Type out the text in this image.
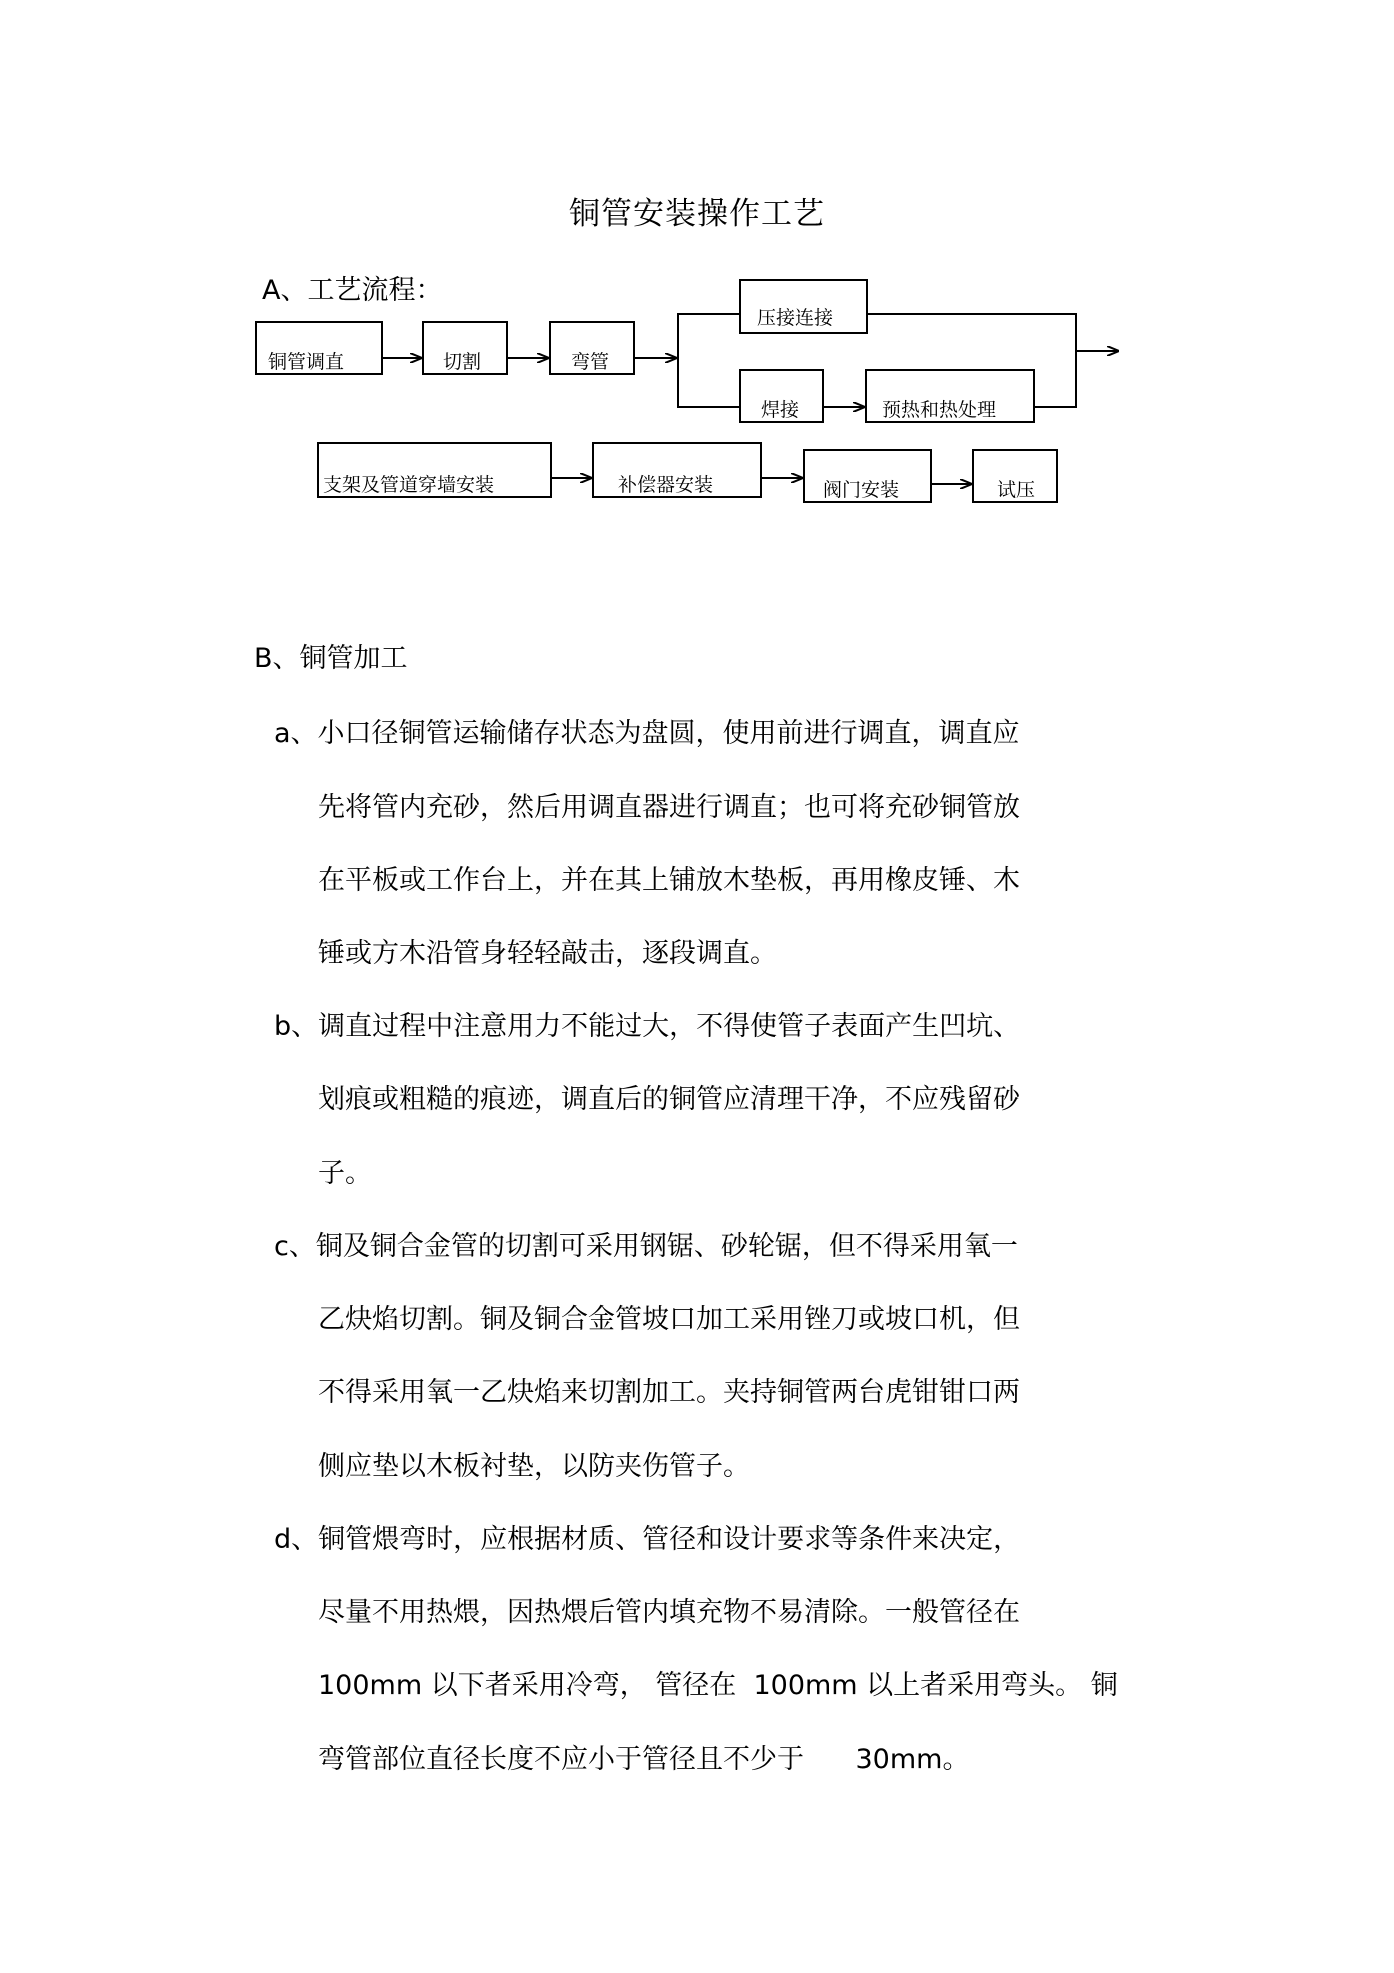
铜管安装操作工艺
A、工艺流程：
铜管调直	切割	弯管
压接连接
焊接	预热和热处理
支架及管道穿墙安装	补偿器安装	阀门安装	试压
B、铜管加工
a、小口径铜管运输储存状态为盘圆，使用前进行调直，调直应
先将管内充砂，然后用调直器进行调直；也可将充砂铜管放
在平板或工作台上，并在其上铺放木垫板，再用橡皮锤、木
锤或方木沿管身轻轻敲击，逐段调直。
b、调直过程中注意用力不能过大，不得使管子表面产生凹坑、
划痕或粗糙的痕迹，调直后的铜管应清理干净，不应残留砂
子。
c、铜及铜合金管的切割可采用钢锯、砂轮锯，但不得采用氧一
乙炔焰切割。铜及铜合金管坡口加工采用锉刀或坡口机，但
不得采用氧一乙炔焰来切割加工。夹持铜管两台虎钳钳口两
侧应垫以木板衬垫，以防夹伤管子。
d、铜管煨弯时，应根据材质、管径和设计要求等条件来决定，
尽量不用热煨，因热煨后管内填充物不易清除。一般管径在
100mm 以下者采用冷弯， 管径在  100mm 以上者采用弯头。 铜
弯管部位直径长度不应小于管径且不少于      30mm。
